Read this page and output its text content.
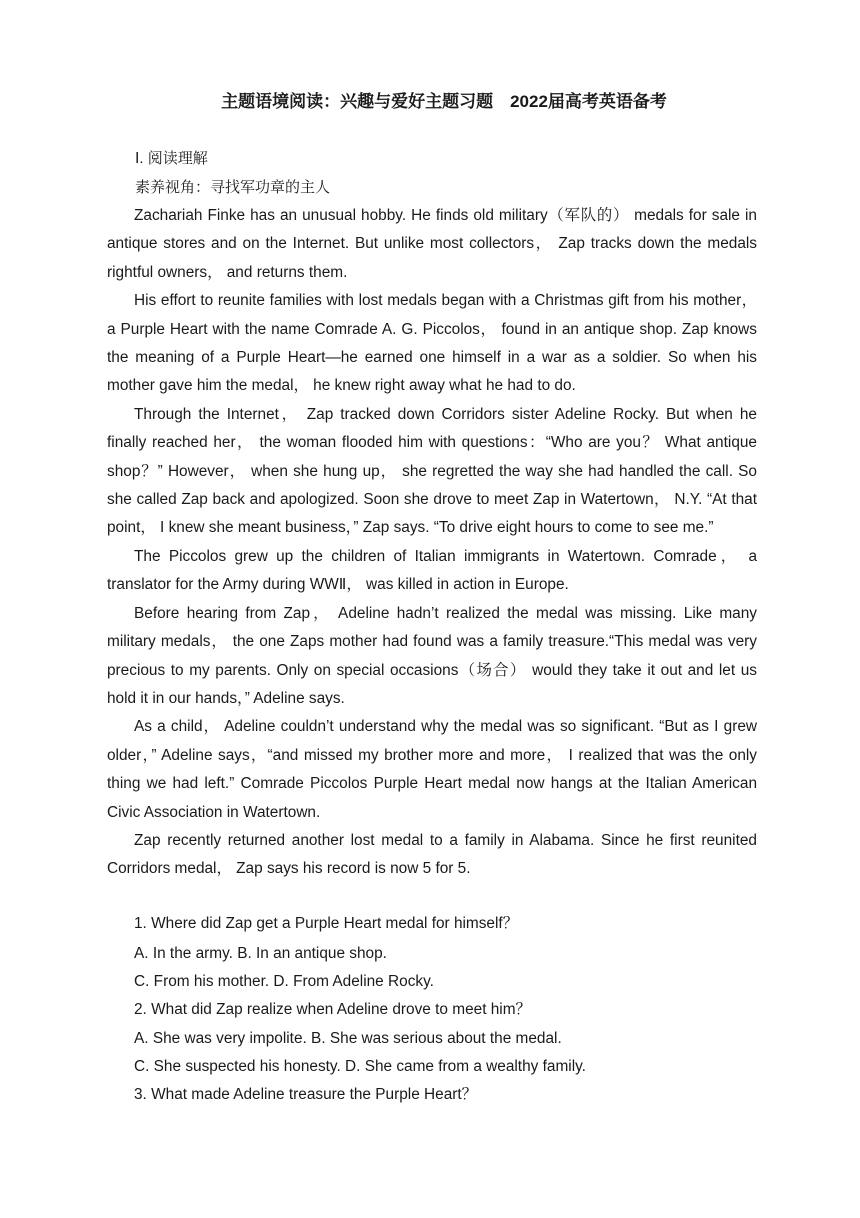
主题语境阅读：兴趣与爱好主题习题　2022届高考英语备考
Ⅰ. 阅读理解
素养视角：寻找军功章的主人

Zachariah Finke has an unusual hobby. He finds old military（军队的） medals for sale in antique stores and on the Internet. But unlike most collectors， Zap tracks down the medals rightful owners， and returns them.

His effort to reunite families with lost medals began with a Christmas gift from his mother， a Purple Heart with the name Comrade A. G. Piccolos， found in an antique shop. Zap knows the meaning of a Purple Heart—he earned one himself in a war as a soldier. So when his mother gave him the medal， he knew right away what he had to do.

Through the Internet， Zap tracked down Corridors sister Adeline Rocky. But when he finally reached her， the woman flooded him with questions：“Who are you？ What antique shop？” However， when she hung up， she regretted the way she had handled the call. So she called Zap back and apologized. Soon she drove to meet Zap in Watertown， N.Y. “At that point， I knew she meant business，” Zap says. “To drive eight hours to come to see me.”

The Piccolos grew up the children of Italian immigrants in Watertown. Comrade， a translator for the Army during WWⅡ， was killed in action in Europe.

Before hearing from Zap， Adeline hadn’t realized the medal was missing. Like many military medals， the one Zaps mother had found was a family treasure.“This medal was very precious to my parents. Only on special occasions（场合） would they take it out and let us hold it in our hands，” Adeline says.

As a child， Adeline couldn’t understand why the medal was so significant. “But as I grew older，” Adeline says，“and missed my brother more and more， I realized that was the only thing we had left.” Comrade Piccolos Purple Heart medal now hangs at the Italian American Civic Association in Watertown.

Zap recently returned another lost medal to a family in Alabama. Since he first reunited Corridors medal， Zap says his record is now 5 for 5.

1. Where did Zap get a Purple Heart medal for himself？
A. In the army. B. In an antique shop.
C. From his mother. D. From Adeline Rocky.
2. What did Zap realize when Adeline drove to meet him？
A. She was very impolite. B. She was serious about the medal.
C. She suspected his honesty. D. She came from a wealthy family.
3. What made Adeline treasure the Purple Heart？
